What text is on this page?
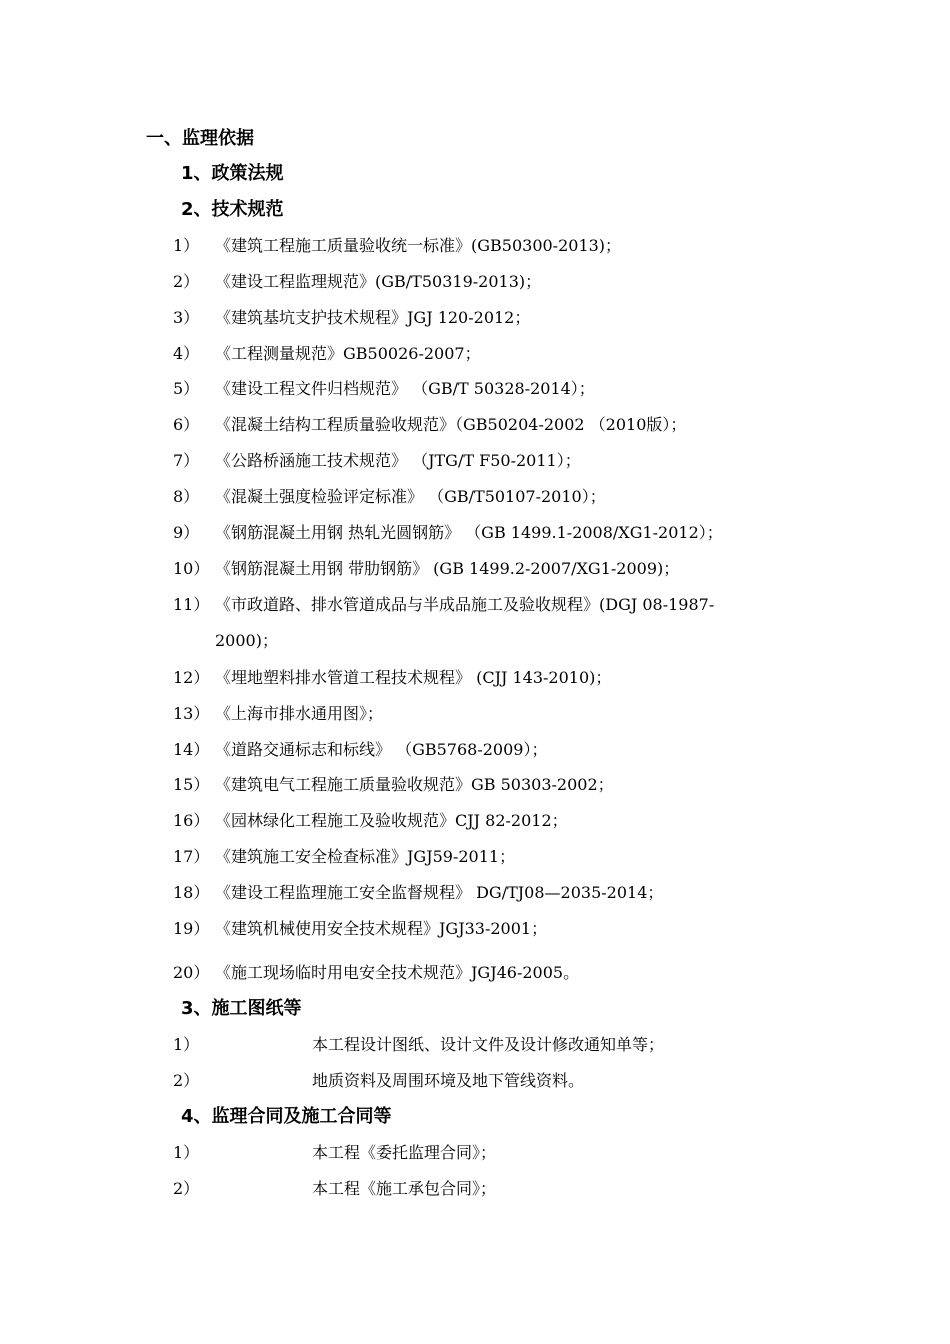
一、监理依据
1、政策法规
2、技术规范
1） 《建筑工程施工质量验收统一标准》(GB50300-2013)；
2） 《建设工程监理规范》(GB/T50319-2013)；
3） 《建筑基坑支护技术规程》JGJ 120-2012；
4） 《工程测量规范》GB50026-2007；
5） 《建设工程文件归档规范》 （GB/T 50328-2014）；
6） 《混凝土结构工程质量验收规范》（GB50204-2002 （2010版）；
7） 《公路桥涵施工技术规范》 （JTG/T F50-2011）；
8） 《混凝土强度检验评定标准》 （GB/T50107-2010）；
9） 《钢筋混凝土用钢 热轧光圆钢筋》 （GB 1499.1-2008/XG1-2012）；
10） 《钢筋混凝土用钢 带肋钢筋》 (GB 1499.2-2007/XG1-2009)；
11） 《市政道路、排水管道成品与半成品施工及验收规程》(DGJ 08-1987-
2000)；
12） 《埋地塑料排水管道工程技术规程》 (CJJ 143-2010)；
13） 《上海市排水通用图》；
14） 《道路交通标志和标线》 （GB5768-2009）；
15） 《建筑电气工程施工质量验收规范》GB 50303-2002；
16） 《园林绿化工程施工及验收规范》CJJ 82-2012；
17） 《建筑施工安全检查标准》JGJ59-2011；
18） 《建设工程监理施工安全监督规程》 DG/TJ08—2035-2014；
19） 《建筑机械使用安全技术规程》JGJ33-2001；
20） 《施工现场临时用电安全技术规范》JGJ46-2005。
3、施工图纸等
1）	本工程设计图纸、设计文件及设计修改通知单等；
2）	地质资料及周围环境及地下管线资料。
4、监理合同及施工合同等
1）	本工程《委托监理合同》；
2）	本工程《施工承包合同》；
